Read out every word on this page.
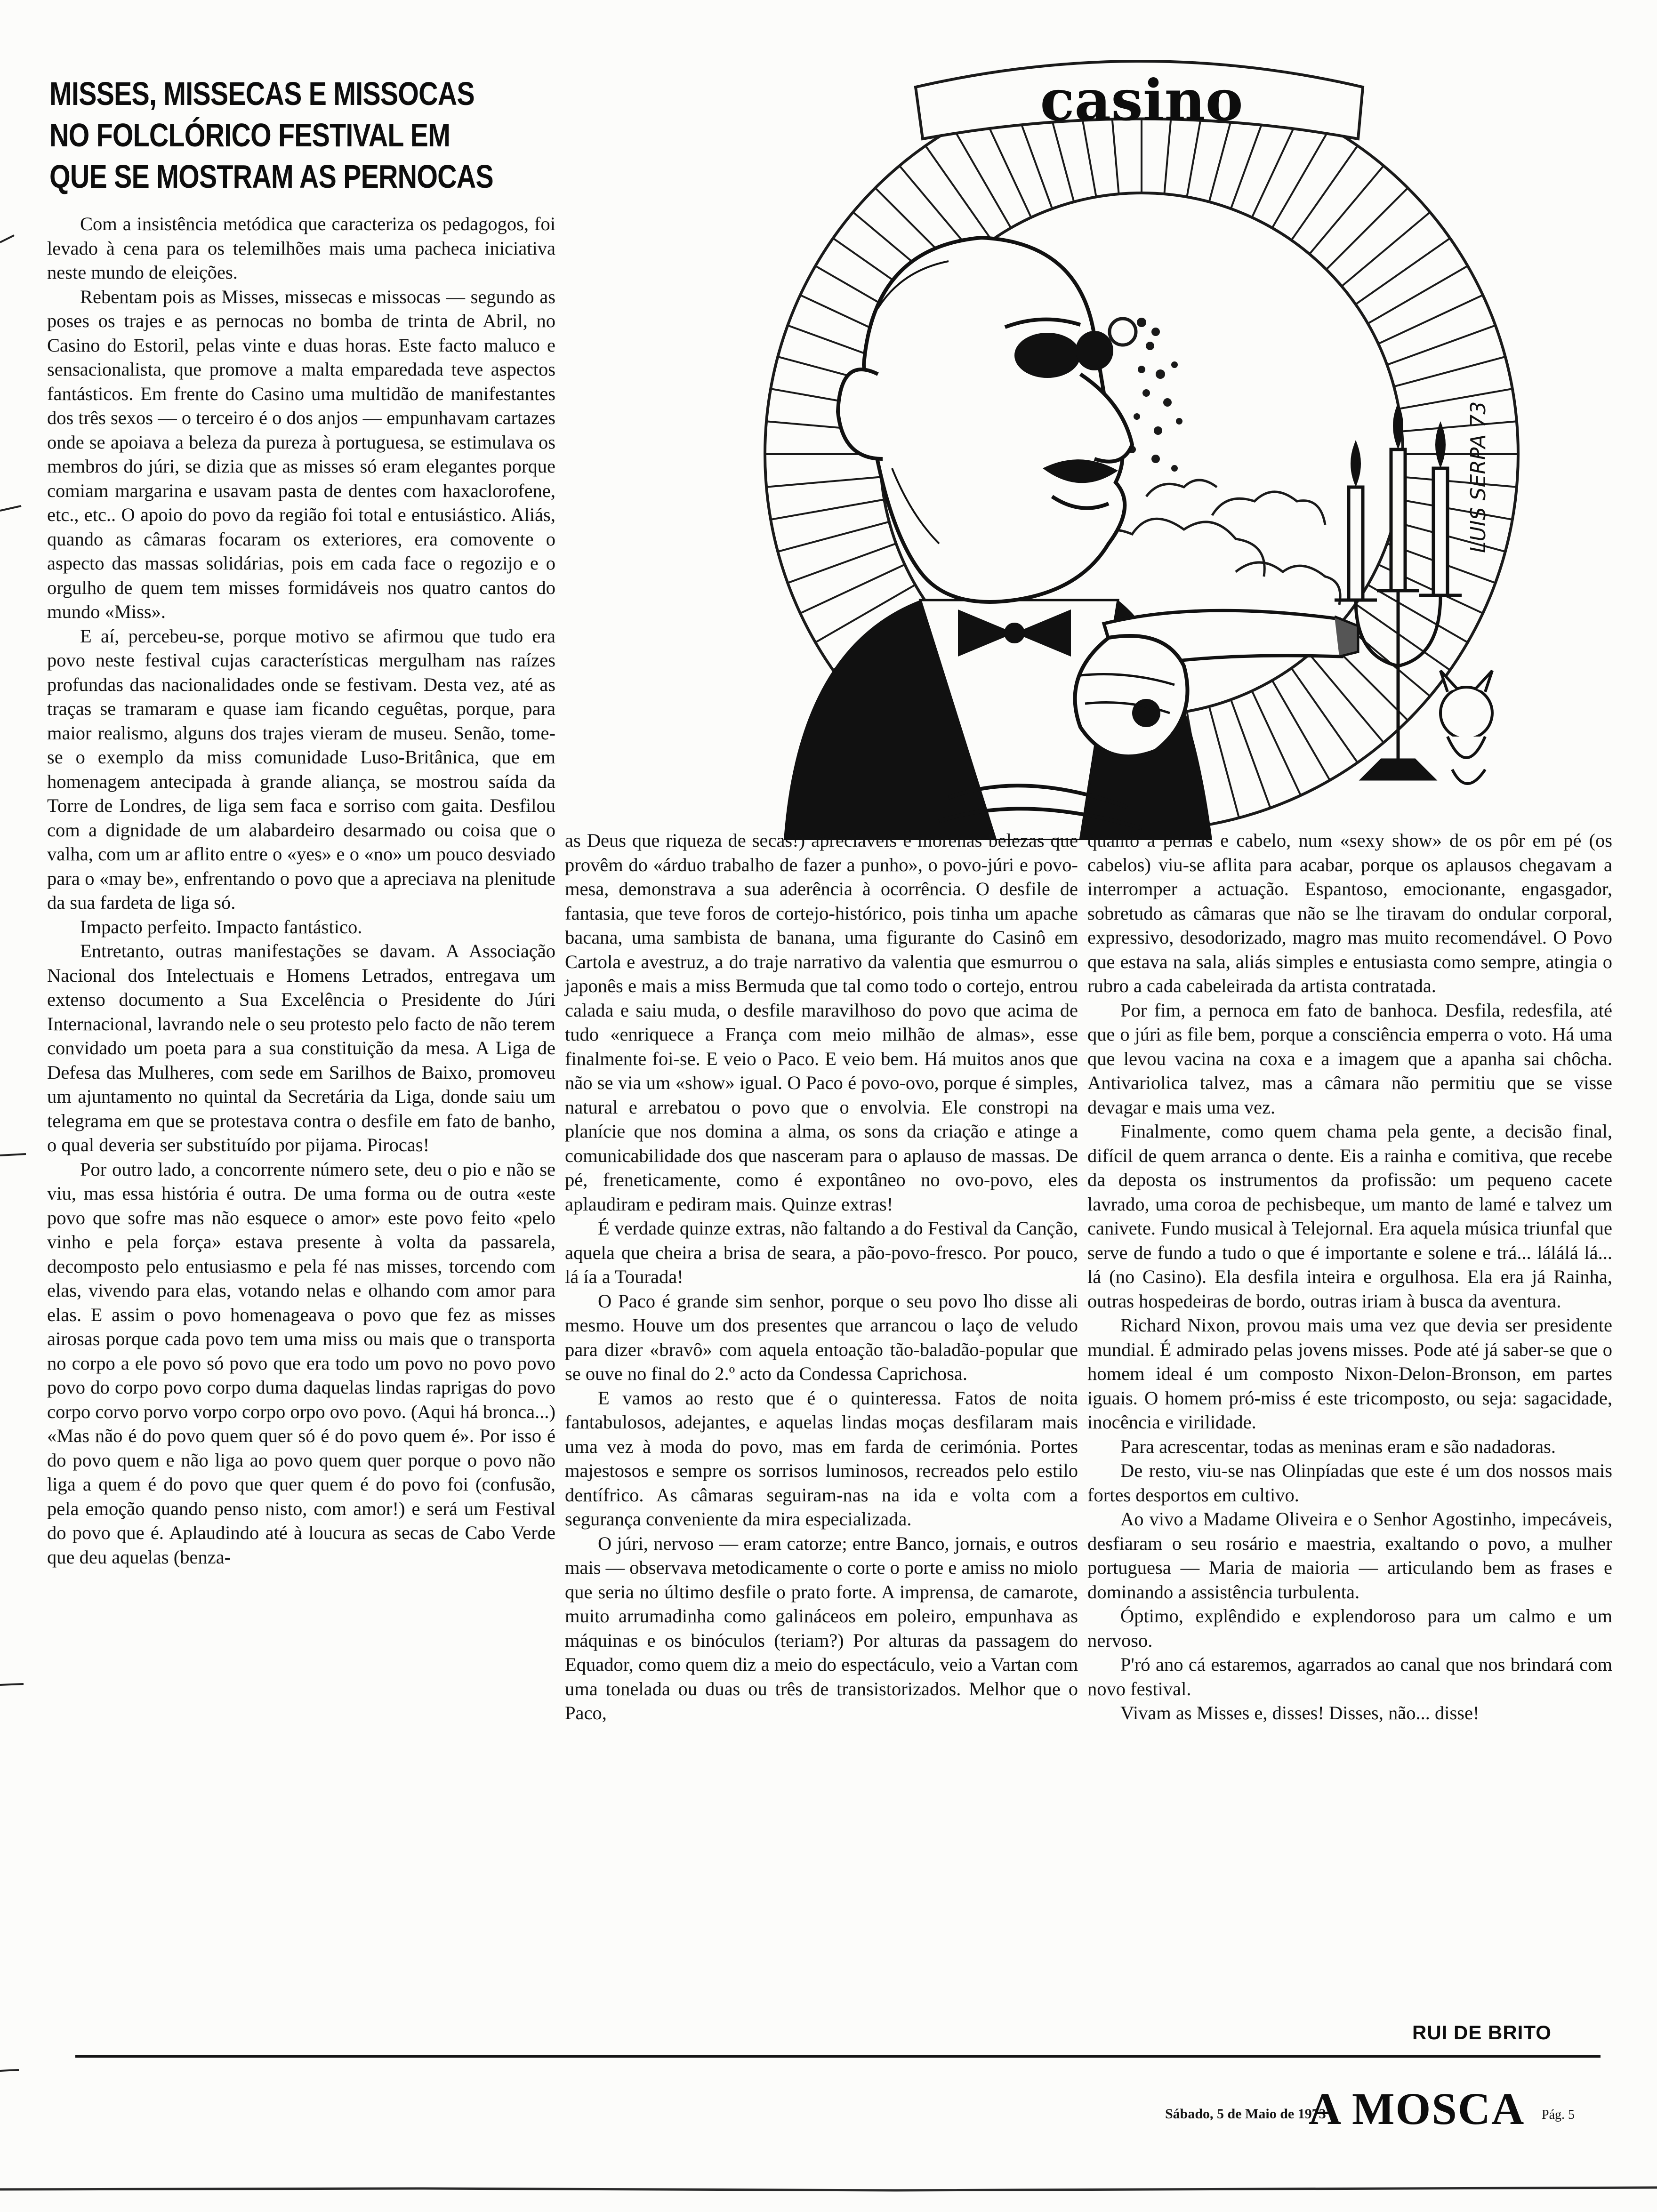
MISSES, MISSECAS E MISSOCAS
NO FOLCLÓRICO FESTIVAL EM
QUE SE MOSTRAM AS PERNOCAS
casino
LUIS SERPA 73

Com a insistência metódica que caracteriza os pedagogos, foi levado à cena para os telemilhões mais uma pacheca iniciativa neste mundo de eleições.

Rebentam pois as Misses, missecas e missocas — segundo as poses os trajes e as pernocas no bomba de trinta de Abril, no Casino do Estoril, pelas vinte e duas horas. Este facto maluco e sensacionalista, que promove a malta emparedada teve aspectos fantásticos. Em frente do Casino uma multidão de manifestantes dos três sexos — o terceiro é o dos anjos — empunhavam cartazes onde se apoiava a beleza da pureza à portuguesa, se estimulava os membros do júri, se dizia que as misses só eram elegantes porque comiam margarina e usavam pasta de dentes com haxaclorofene, etc., etc.. O apoio do povo da região foi total e entusiástico. Aliás, quando as câmaras focaram os exteriores, era comovente o aspecto das massas solidárias, pois em cada face o regozijo e o orgulho de quem tem misses formidáveis nos quatro cantos do mundo «Miss».

E aí, percebeu-se, porque motivo se afirmou que tudo era povo neste festival cujas características mergulham nas raízes profundas das nacionalidades onde se festivam. Desta vez, até as traças se tramaram e quase iam ficando ceguêtas, porque, para maior realismo, alguns dos trajes vieram de museu. Senão, tome-se o exemplo da miss comunidade Luso-Britânica, que em homenagem antecipada à grande aliança, se mostrou saída da Torre de Londres, de liga sem faca e sorriso com gaita. Desfilou com a dignidade de um alabardeiro desarmado ou coisa que o valha, com um ar aflito entre o «yes» e o «no» um pouco desviado para o «may be», enfrentando o povo que a apreciava na plenitude da sua fardeta de liga só.

Impacto perfeito. Impacto fantástico.

Entretanto, outras manifestações se davam. A Associação Nacional dos Intelectuais e Homens Letrados, entregava um extenso documento a Sua Excelência o Presidente do Júri Internacional, lavrando nele o seu protesto pelo facto de não terem convidado um poeta para a sua constituição da mesa. A Liga de Defesa das Mulheres, com sede em Sarilhos de Baixo, promoveu um ajuntamento no quintal da Secretária da Liga, donde saiu um telegrama em que se protestava contra o desfile em fato de banho, o qual deveria ser substituído por pijama. Piroсas!

Por outro lado, a concorrente número sete, deu o pio e não se viu, mas essa história é outra. De uma forma ou de outra «este povo que sofre mas não esquece o amor» este povo feito «pelo vinho e pela força» estava presente à volta da passarela, decomposto pelo entusiasmo e pela fé nas misses, torcendo com elas, vivendo para elas, votando nelas e olhando com amor para elas. E assim o povo homenageava o povo que fez as misses airosas porque cada povo tem uma miss ou mais que o transporta no corpo a ele povo só povo que era todo um povo no povo povo povo do corpo povo corpo duma daquelas lindas raprigas do povo corpo corvo porvo vorpo corpo orpo ovo povo. (Aqui há bronca...) «Mas não é do povo quem quer só é do povo quem é». Por isso é do povo quem e não liga ao povo quem quer porque o povo não liga a quem é do povo que quer quem é do povo foi (confusão, pela emoção quando penso nisto, com amor!) e será um Festival do povo que é. Aplaudindo até à loucura as secas de Cabo Verde que deu aquelas (benza-

as Deus que riqueza de secas!) apreciáveis e morenas belezas que provêm do «árduo trabalho de fazer a punho», o povo-júri e povo-mesa, demonstrava a sua aderência à ocorrência. O desfile de fantasia, que teve foros de cortejo-histórico, pois tinha um apache bacana, uma sambista de banana, uma figurante do Casinô em Cartola e avestruz, a do traje narrativo da valentia que esmurrou o japonês e mais a miss Bermuda que tal como todo o cortejo, entrou calada e saiu muda, o desfile maravilhoso do povo que acima de tudo «enriquece a França com meio milhão de almas», esse finalmente foi-se. E veio o Paco. E veio bem. Há muitos anos que não se via um «show» igual. O Paco é povo-ovo, porque é simples, natural e arrebatou o povo que o envolvia. Ele constropi na planície que nos domina a alma, os sons da criação e atinge a comunicabilidade dos que nasceram para o aplauso de massas. De pé, freneticamente, como é expontâneo no ovo-povo, eles aplaudiram e pediram mais. Quinze extras!

É verdade quinze extras, não faltando a do Festival da Canção, aquela que cheira a brisa de seara, a pão-povo-fresco. Por pouco, lá ía a Tourada!

O Paco é grande sim senhor, porque o seu povo lho disse ali mesmo. Houve um dos presentes que arrancou o laço de veludo para dizer «bravô» com aquela entoação tão-baladão-popular que se ouve no final do 2.º acto da Condessa Caprichosa.

E vamos ao resto que é o quinteressa. Fatos de noita fantabulosos, adejantes, e aquelas lindas moças desfilaram mais uma vez à moda do povo, mas em farda de cerimónia. Portes majestosos e sempre os sorrisos luminosos, recreados pelo estilo dentífrico. As câmaras seguiram-nas na ida e volta com a segurança conveniente da mira especializada.

O júri, nervoso — eram catorze; entre Banco, jornais, e outros mais — observava metodicamente o corte o porte e amiss no miolo que seria no último desfile o prato forte. A imprensa, de camarote, muito arrumadinha como galináceos em poleiro, empunhava as máquinas e os binóculos (teriam?) Por alturas da passagem do Equador, como quem diz a meio do espectáculo, veio a Vartan com uma tonelada ou duas ou três de transistorizados. Melhor que o Paco,

quanto a pernas e cabelo, num «sexy show» de os pôr em pé (os cabelos) viu-se aflita para acabar, porque os aplausos chegavam a interromper a actuação. Espantoso, emocionante, engasgador, sobretudo as câmaras que não se lhe tiravam do ondular corporal, expressivo, desodorizado, magro mas muito recomendável. O Povo que estava na sala, aliás simples e entusiasta como sempre, atingia o rubro a cada cabeleirada da artista contratada.

Por fim, a pernoca em fato de banhoca. Desfila, redesfila, até que o júri as file bem, porque a consciência emperra o voto. Há uma que levou vacina na coxa e a imagem que a apanha sai chôcha. Antivariolica talvez, mas a câmara não permitiu que se visse devagar e mais uma vez.

Finalmente, como quem chama pela gente, a decisão final, difícil de quem arranca o dente. Eis a rainha e comitiva, que recebe da deposta os instrumentos da profissão: um pequeno cacete lavrado, uma coroa de pechisbeque, um manto de lamé e talvez um canivete. Fundo musical à Telejornal. Era aquela música triunfal que serve de fundo a tudo o que é importante e solene e trá... lálálá lá... lá (no Casino). Ela desfila inteira e orgulhosa. Ela era já Rainha, outras hospedeiras de bordo, outras iriam à busca da aventura.

Richard Nixon, provou mais uma vez que devia ser presidente mundial. É admirado pelas jovens misses. Pode até já saber-se que o homem ideal é um composto Nixon-Delon-Bronson, em partes iguais. O homem pró-miss é este tricomposto, ou seja: sagacidade, inocência e virilidade.

Para acrescentar, todas as meninas eram e são nadadoras.

De resto, viu-se nas Olinpíadas que este é um dos nossos mais fortes desportos em cultivo.

Ao vivo a Madame Oliveira e o Senhor Agostinho, impecáveis, desfiaram o seu rosário e maestria, exaltando o povo, a mulher portuguesa — Maria de maioria — articulando bem as frases e dominando a assistência turbulenta.

Óptimo, explêndido e explendoroso para um calmo e um nervoso.

P'ró ano cá estaremos, agarrados ao canal que nos brindará com novo festival.

Vivam as Misses e, disses! Disses, não... disse!

RUI DE BRITO

Sábado, 5 de Maio de 1973
A MOSCA Pág. 5
